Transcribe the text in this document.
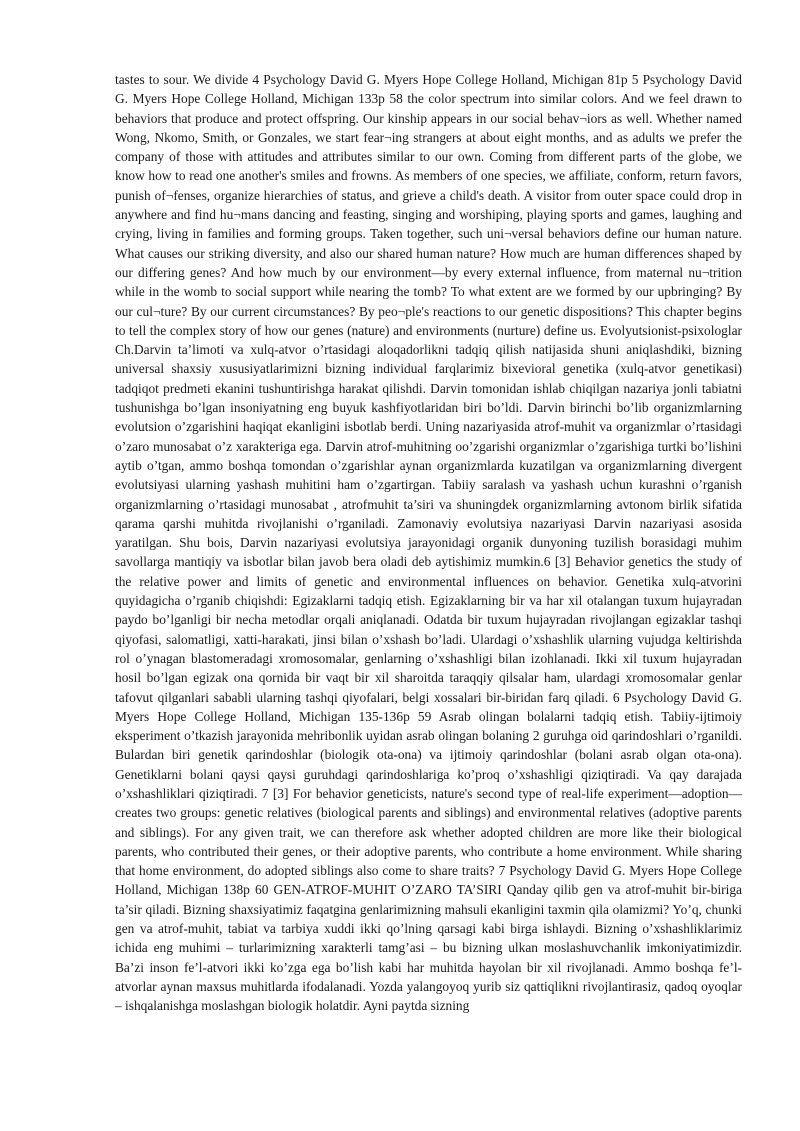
tastes to sour. We divide 4 Psychology David G. Myers Hope College Holland, Michigan 81p 5 Psychology David G. Myers Hope College Holland, Michigan 133p 58 the color spectrum into similar colors. And we feel drawn to behaviors that produce and protect offspring. Our kinship appears in our social behav¬iors as well. Whether named Wong, Nkomo, Smith, or Gonzales, we start fear¬ing strangers at about eight months, and as adults we prefer the company of those with attitudes and attributes similar to our own. Coming from different parts of the globe, we know how to read one another's smiles and frowns. As members of one species, we affiliate, conform, return favors, punish of¬fenses, organize hierarchies of status, and grieve a child's death. A visitor from outer space could drop in anywhere and find hu¬mans dancing and feasting, singing and worshiping, playing sports and games, laughing and crying, living in families and forming groups. Taken together, such uni¬versal behaviors define our human nature. What causes our striking diversity, and also our shared human nature? How much are human differences shaped by our differing genes? And how much by our environment—by every external influence, from maternal nu¬trition while in the womb to social support while nearing the tomb? To what extent are we formed by our upbringing? By our cul¬ture? By our current circumstances? By peo¬ple's reactions to our genetic dispositions? This chapter begins to tell the complex story of how our genes (nature) and environments (nurture) define us. Evolyutsionist-psixologlar Ch.Darvin ta’limoti va xulq-atvor o’rtasidagi aloqadorlikni tadqiq qilish natijasida shuni aniqlashdiki, bizning universal shaxsiy xususiyatlarimizni bizning individual farqlarimiz bixevioral genetika (xulq-atvor genetikasi) tadqiqot predmeti ekanini tushuntirishga harakat qilishdi. Darvin tomonidan ishlab chiqilgan nazariya jonli tabiatni tushunishga bo’lgan insoniyatning eng buyuk kashfiyotlaridan biri bo’ldi. Darvin birinchi bo’lib organizmlarning evolutsion o’zgarishini haqiqat ekanligini isbotlab berdi. Uning nazariyasida atrof-muhit va organizmlar o’rtasidagi o’zaro munosabat o’z xarakteriga ega. Darvin atrof-muhitning oo’zgarishi organizmlar o’zgarishiga turtki bo’lishini aytib o’tgan, ammo boshqa tomondan o’zgarishlar aynan organizmlarda kuzatilgan va organizmlarning divergent evolutsiyasi ularning yashash muhitini ham o’zgartirgan. Tabiiy saralash va yashash uchun kurashni o’rganish organizmlarning o’rtasidagi munosabat , atrofmuhit ta’siri va shuningdek organizmlarning avtonom birlik sifatida qarama qarshi muhitda rivojlanishi o’rganiladi. Zamonaviy evolutsiya nazariyasi Darvin nazariyasi asosida yaratilgan. Shu bois, Darvin nazariyasi evolutsiya jarayonidagi organik dunyoning tuzilish borasidagi muhim savollarga mantiqiy va isbotlar bilan javob bera oladi deb aytishimiz mumkin.6 [3] Behavior genetics the study of the relative power and limits of genetic and environmental influences on behavior. Genetika xulq-atvorini quyidagicha o’rganib chiqishdi: Egizaklarni tadqiq etish. Egizaklarning bir va har xil otalangan tuxum hujayradan paydo bo’lganligi bir necha metodlar orqali aniqlanadi. Odatda bir tuxum hujayradan rivojlangan egizaklar tashqi qiyofasi, salomatligi, xatti-harakati, jinsi bilan o’xshash bo’ladi. Ulardagi o’xshashlik ularning vujudga keltirishda rol o’ynagan blastomeradagi xromosomalar, genlarning o’xshashligi bilan izohlanadi. Ikki xil tuxum hujayradan hosil bo’lgan egizak ona qornida bir vaqt bir xil sharoitda taraqqiy qilsalar ham, ulardagi xromosomalar genlar tafovut qilganlari sababli ularning tashqi qiyofalari, belgi xossalari bir-biridan farq qiladi. 6 Psychology David G. Myers Hope College Holland, Michigan 135-136p 59 Asrab olingan bolalarni tadqiq etish. Tabiiy-ijtimoiy eksperiment o’tkazish jarayonida mehribonlik uyidan asrab olingan bolaning 2 guruhga oid qarindoshlari o’rganildi. Bulardan biri genetik qarindoshlar (biologik ota-ona) va ijtimoiy qarindoshlar (bolani asrab olgan ota-ona). Genetiklarni bolani qaysi qaysi guruhdagi qarindoshlariga ko’proq o’xshashligi qiziqtiradi. Va qay darajada o’xshashliklari qiziqtiradi. 7 [3] For behavior geneticists, nature's second type of real-life experiment—adoption— creates two groups: genetic relatives (biological parents and siblings) and environmental relatives (adoptive parents and siblings). For any given trait, we can therefore ask whether adopted children are more like their biological parents, who contributed their genes, or their adoptive parents, who contribute a home environment. While sharing that home environment, do adopted siblings also come to share traits? 7 Psychology David G. Myers Hope College Holland, Michigan 138p 60 GEN-ATROF-MUHIT O’ZARO TA’SIRI Qanday qilib gen va atrof-muhit bir-biriga ta’sir qiladi. Bizning shaxsiyatimiz faqatgina genlarimizning mahsuli ekanligini taxmin qila olamizmi? Yo’q, chunki gen va atrof-muhit, tabiat va tarbiya xuddi ikki qo’lning qarsagi kabi birga ishlaydi. Bizning o’xshashliklarimiz ichida eng muhimi – turlarimizning xarakterli tamg’asi – bu bizning ulkan moslashuvchanlik imkoniyatimizdir. Ba’zi inson fe’l-atvori ikki ko’zga ega bo’lish kabi har muhitda hayolan bir xil rivojlanadi. Ammo boshqa fe’l-atvorlar aynan maxsus muhitlarda ifodalanadi. Yozda yalangoyoq yurib siz qattiqlikni rivojlantirasiz, qadoq oyoqlar – ishqalanishga moslashgan biologik holatdir. Ayni paytda sizning
